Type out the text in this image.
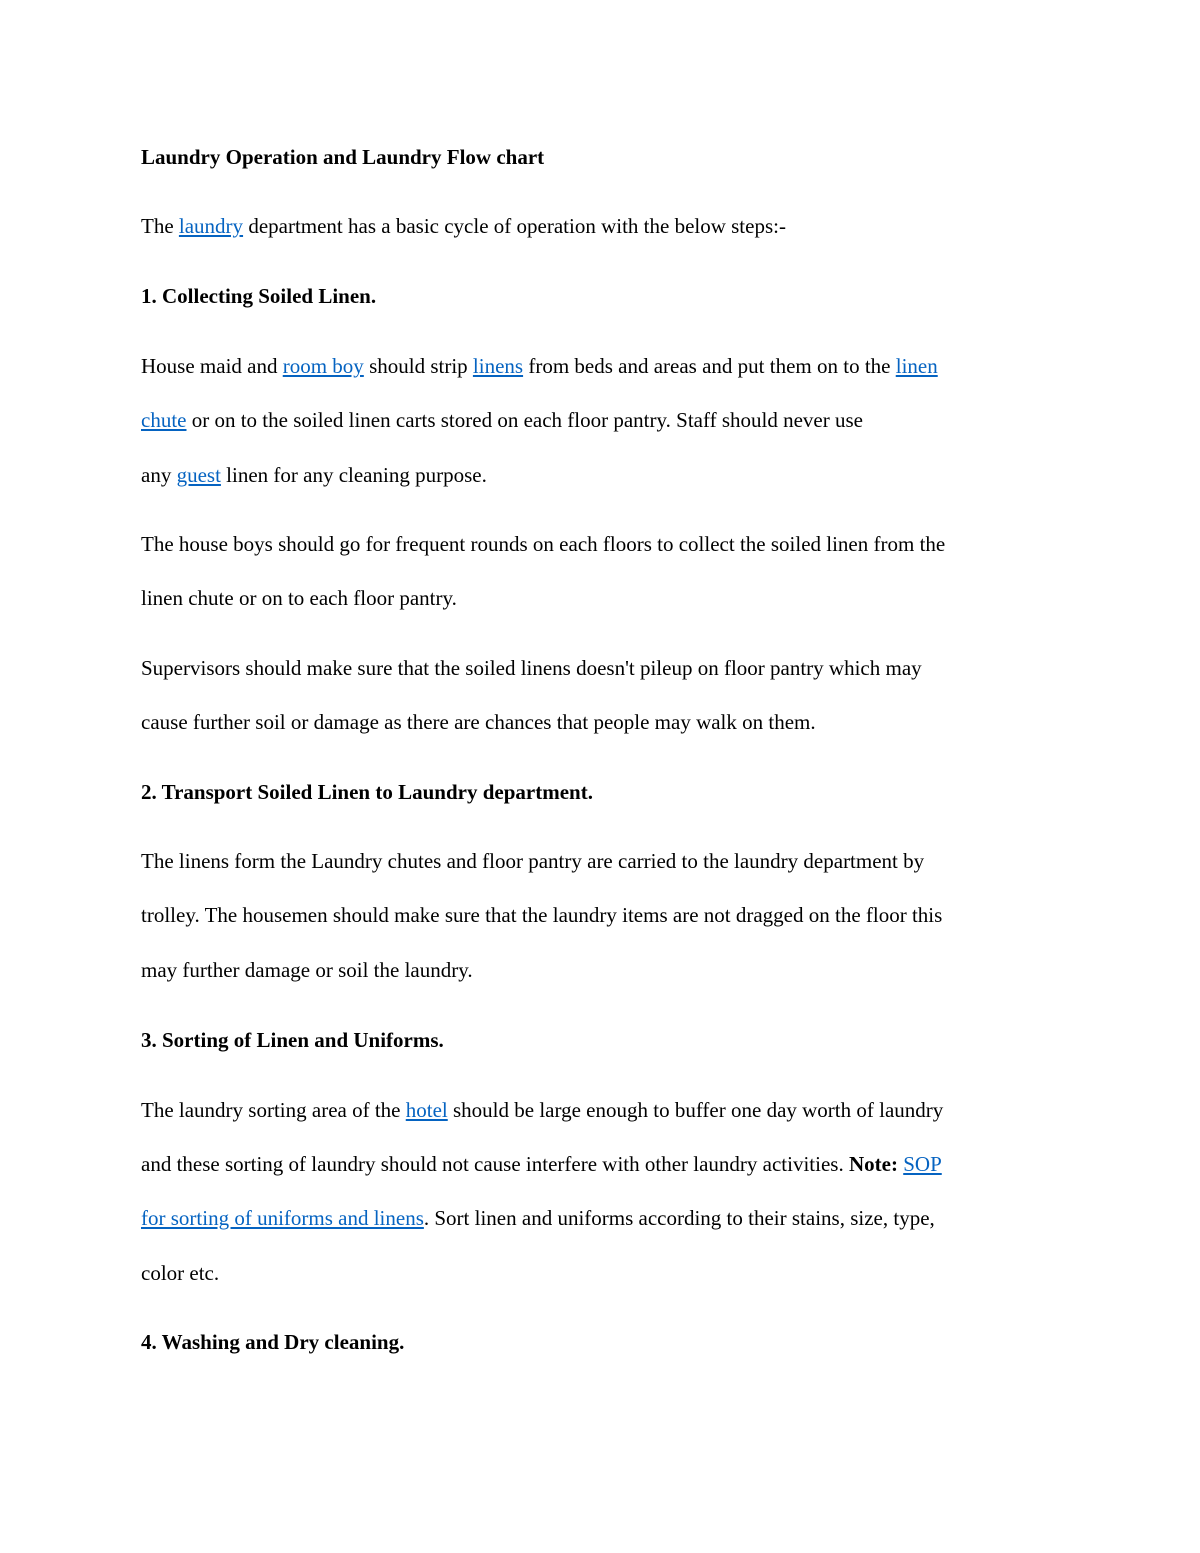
Laundry Operation and Laundry Flow chart
The laundry department has a basic cycle of operation with the below steps:-
1. Collecting Soiled Linen.
House maid and room boy should strip linens from beds and areas and put them on to the linen
chute or on to the soiled linen carts stored on each floor pantry. Staff should never use
any guest linen for any cleaning purpose.
The house boys should go for frequent rounds on each floors to collect the soiled linen from the
linen chute or on to each floor pantry.
Supervisors should make sure that the soiled linens doesn't pileup on floor pantry which may
cause further soil or damage as there are chances that people may walk on them.
2. Transport Soiled Linen to Laundry department.
The linens form the Laundry chutes and floor pantry are carried to the laundry department by
trolley. The housemen should make sure that the laundry items are not dragged on the floor this
may further damage or soil the laundry.
3. Sorting of Linen and Uniforms.
The laundry sorting area of the hotel should be large enough to buffer one day worth of laundry
and these sorting of laundry should not cause interfere with other laundry activities. Note: SOP
for sorting of uniforms and linens. Sort linen and uniforms according to their stains, size, type,
color etc.
4. Washing and Dry cleaning.
